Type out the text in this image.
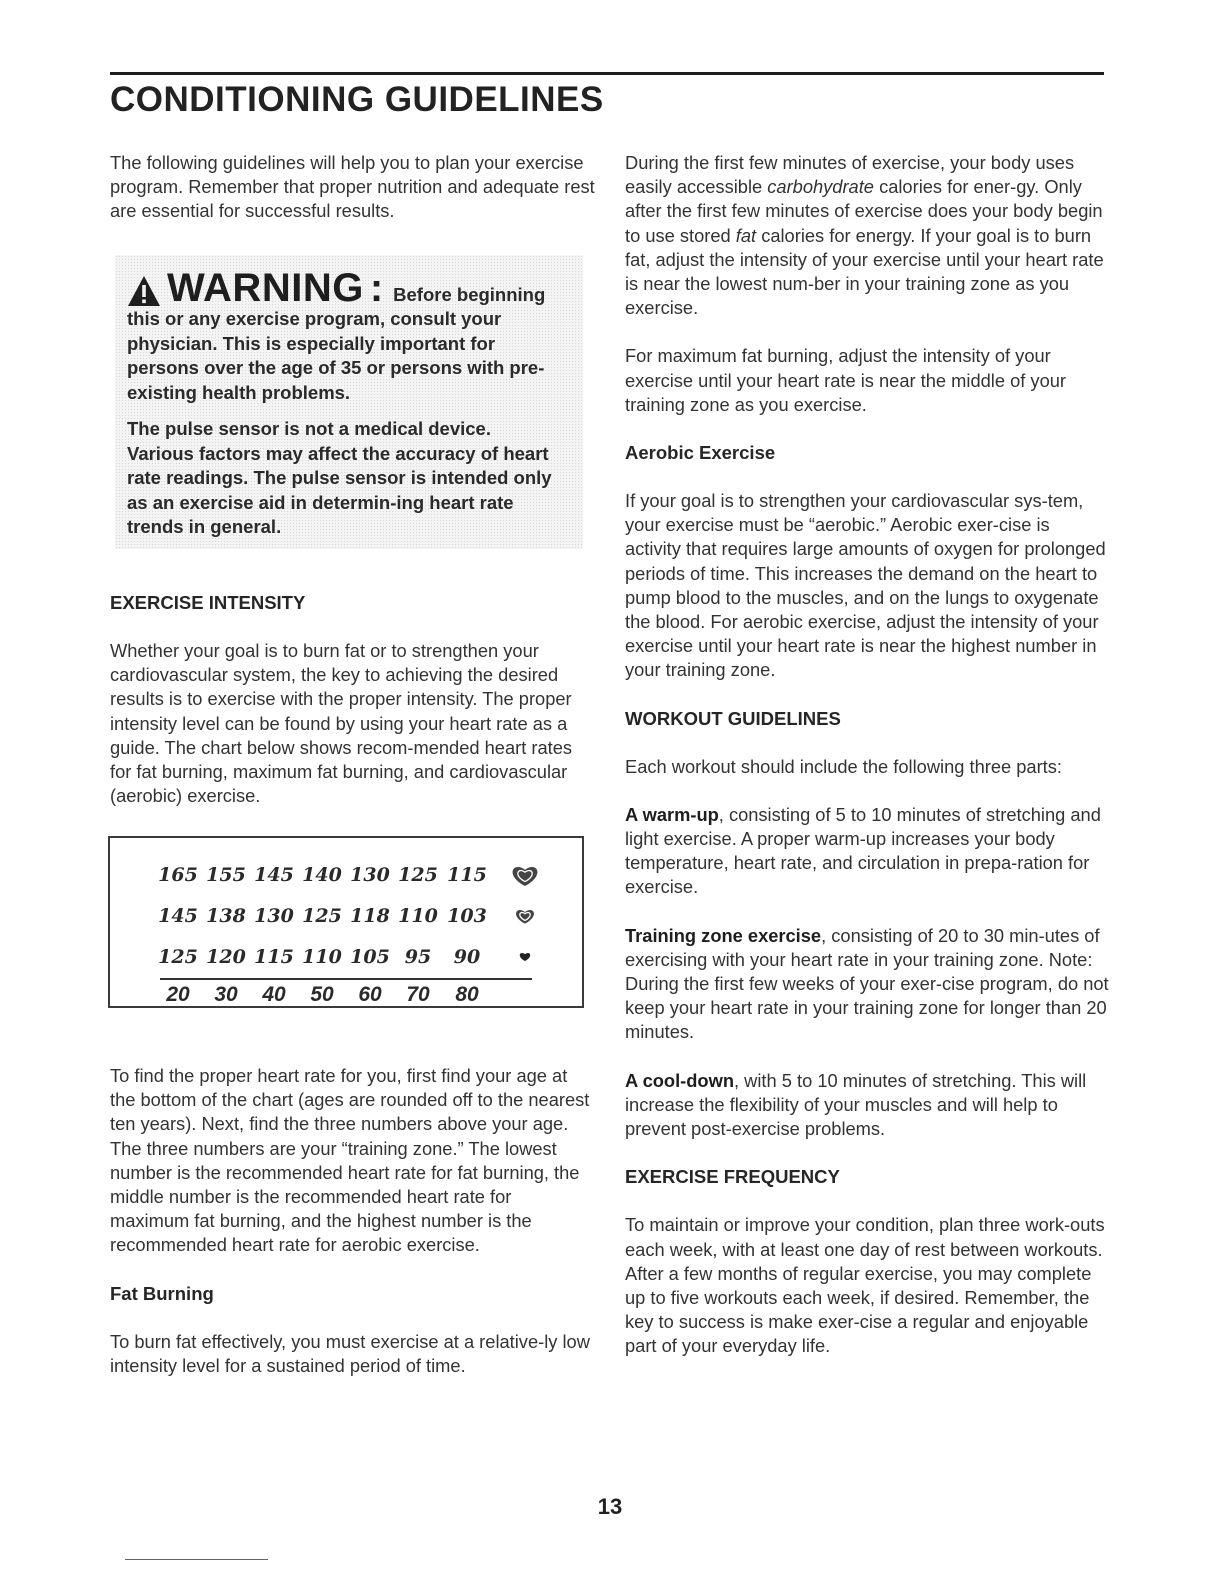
CONDITIONING GUIDELINES

The following guidelines will help you to plan your exercise program. Remember that proper nutrition and adequate rest are essential for successful results.

WARNING : Before beginning

this or any exercise program, consult your physician. This is especially important for persons over the age of 35 or persons with pre-existing health problems.

The pulse sensor is not a medical device. Various factors may affect the accuracy of heart rate readings. The pulse sensor is intended only as an exercise aid in determin-ing heart rate trends in general.

EXERCISE INTENSITY

Whether your goal is to burn fat or to strengthen your cardiovascular system, the key to achieving the desired results is to exercise with the proper intensity. The proper intensity level can be found by using your heart rate as a guide. The chart below shows recom-mended heart rates for fat burning, maximum fat burning, and cardiovascular (aerobic) exercise.

165 155 145 140 130 125 115
145 138 130 125 118 110 103
125 120 115 110 105 95 90
20 30 40 50 60 70 80

To find the proper heart rate for you, first find your age at the bottom of the chart (ages are rounded off to the nearest ten years). Next, find the three numbers above your age. The three numbers are your “training zone.” The lowest number is the recommended heart rate for fat burning, the middle number is the recommended heart rate for maximum fat burning, and the highest number is the recommended heart rate for aerobic exercise.

Fat Burning

To burn fat effectively, you must exercise at a relative-ly low intensity level for a sustained period of time.

During the first few minutes of exercise, your body uses easily accessible carbohydrate calories for ener-gy. Only after the first few minutes of exercise does your body begin to use stored fat calories for energy. If your goal is to burn fat, adjust the intensity of your exercise until your heart rate is near the lowest num-ber in your training zone as you exercise.

For maximum fat burning, adjust the intensity of your exercise until your heart rate is near the middle of your training zone as you exercise.

Aerobic Exercise

If your goal is to strengthen your cardiovascular sys-tem, your exercise must be “aerobic.” Aerobic exer-cise is activity that requires large amounts of oxygen for prolonged periods of time. This increases the demand on the heart to pump blood to the muscles, and on the lungs to oxygenate the blood. For aerobic exercise, adjust the intensity of your exercise until your heart rate is near the highest number in your training zone.

WORKOUT GUIDELINES

Each workout should include the following three parts:

A warm-up, consisting of 5 to 10 minutes of stretching and light exercise. A proper warm-up increases your body temperature, heart rate, and circulation in prepa-ration for exercise.

Training zone exercise, consisting of 20 to 30 min-utes of exercising with your heart rate in your training zone. Note: During the first few weeks of your exer-cise program, do not keep your heart rate in your training zone for longer than 20 minutes.

A cool-down, with 5 to 10 minutes of stretching. This will increase the flexibility of your muscles and will help to prevent post-exercise problems.

EXERCISE FREQUENCY

To maintain or improve your condition, plan three work-outs each week, with at least one day of rest between workouts. After a few months of regular exercise, you may complete up to five workouts each week, if desired. Remember, the key to success is make exer-cise a regular and enjoyable part of your everyday life.

13
